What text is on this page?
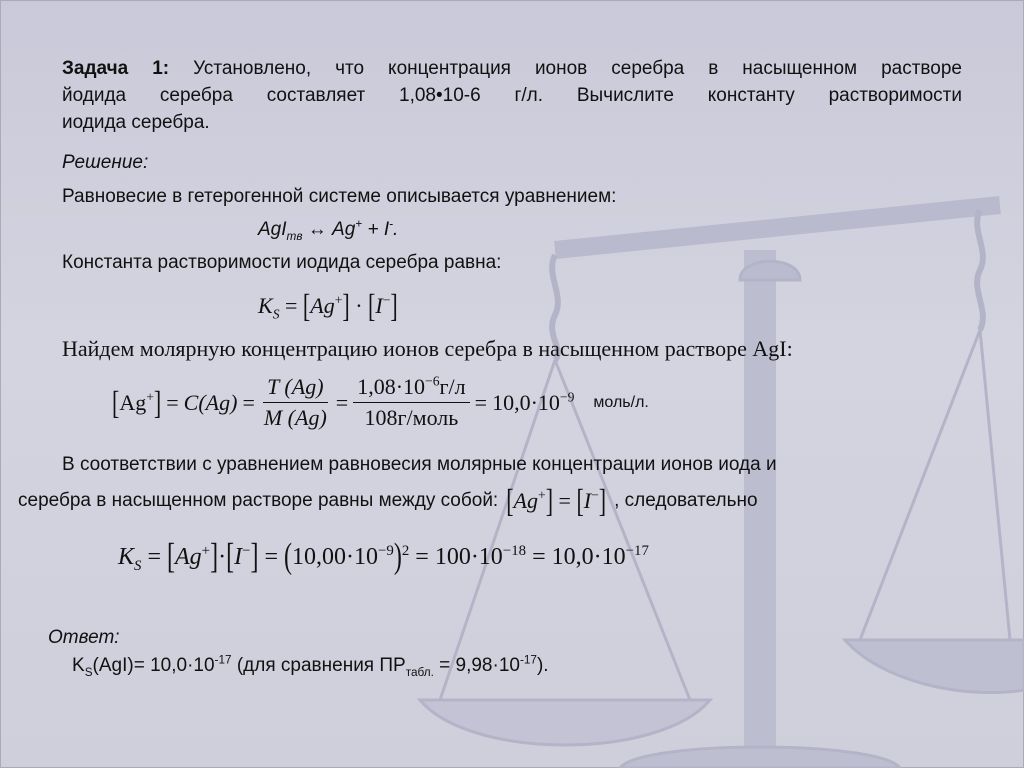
Задача 1: Установлено, что концентрация ионов серебра в насыщенном растворе
йодида серебра составляет 1,08•10-6 г/л. Вычислите константу растворимости
иодида серебра.
Решение:
Равновесие в гетерогенной системе описывается уравнением:
AgI$_{тв}$ ↔ Ag+ + I-.
Константа растворимости иодида серебра равна:
$K_S = [Ag^+] \cdot [I^-]$
Найдем молярную концентрацию ионов серебра в насыщенном растворе AgI:
$[Ag^+] = C(Ag) = \frac{T (Ag)}{M (Ag)} = \frac{1,08\cdot 10^{-6}г/л}{\text{108г/моль}} = 10,0\cdot 10^{-9}$ моль/л.
В соответствии с уравнением равновесия молярные концентрации ионов иода и
серебра в насыщенном растворе равны между собой: [Ag+] = [I−] , следовательно
$K_S = [Ag^+]\cdot[I^-] = (10,00\cdot 10^{-9})^2 = 100\cdot 10^{-18} = 10,0\cdot 10^{-17}$
Ответ:
$K_S(AgI)= 10,0\cdot 10^{-17}$ (для сравнения $ПР_{табл.} = 9,98\cdot 10^{-17}$).
